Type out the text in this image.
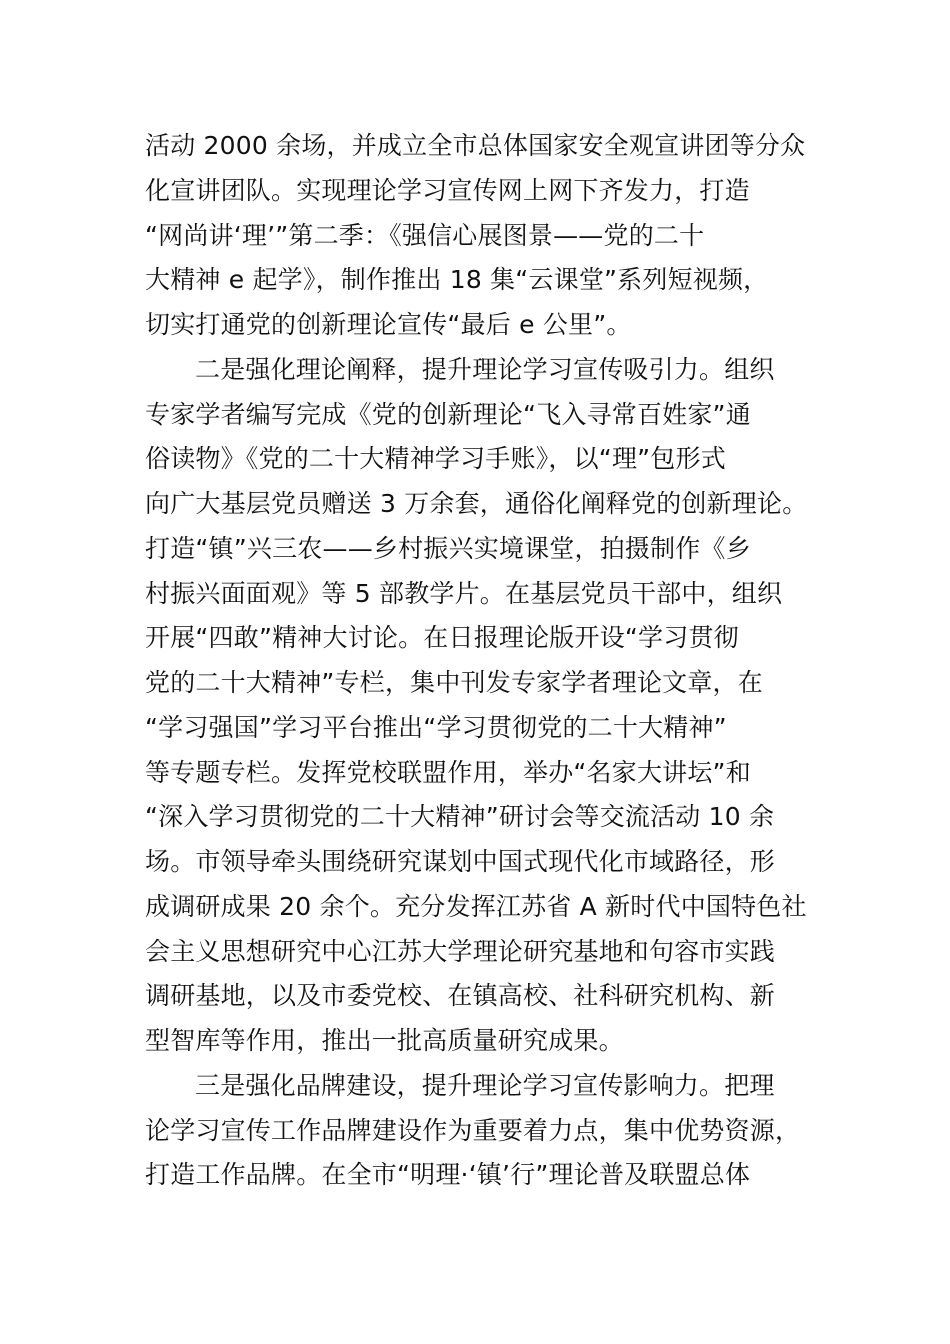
活动 2000 余场，并成立全市总体国家安全观宣讲团等分众
化宣讲团队。实现理论学习宣传网上网下齐发力，打造
“网尚讲‘理’”第二季：《强信心展图景——党的二十
大精神 e 起学》，制作推出 18 集“云课堂”系列短视频，
切实打通党的创新理论宣传“最后 e 公里”。
二是强化理论阐释，提升理论学习宣传吸引力。组织
专家学者编写完成《党的创新理论“飞入寻常百姓家”通
俗读物》《党的二十大精神学习手账》，以“理”包形式
向广大基层党员赠送 3 万余套，通俗化阐释党的创新理论。
打造“镇”兴三农——乡村振兴实境课堂，拍摄制作《乡
村振兴面面观》等 5 部教学片。在基层党员干部中，组织
开展“四敢”精神大讨论。在日报理论版开设“学习贯彻
党的二十大精神”专栏，集中刊发专家学者理论文章，在
“学习强国”学习平台推出“学习贯彻党的二十大精神”
等专题专栏。发挥党校联盟作用，举办“名家大讲坛”和
“深入学习贯彻党的二十大精神”研讨会等交流活动 10 余
场。市领导牵头围绕研究谋划中国式现代化市域路径，形
成调研成果 20 余个。充分发挥江苏省 A 新时代中国特色社
会主义思想研究中心江苏大学理论研究基地和句容市实践
调研基地，以及市委党校、在镇高校、社科研究机构、新
型智库等作用，推出一批高质量研究成果。
三是强化品牌建设，提升理论学习宣传影响力。把理
论学习宣传工作品牌建设作为重要着力点，集中优势资源，
打造工作品牌。在全市“明理·‘镇’行”理论普及联盟总体
